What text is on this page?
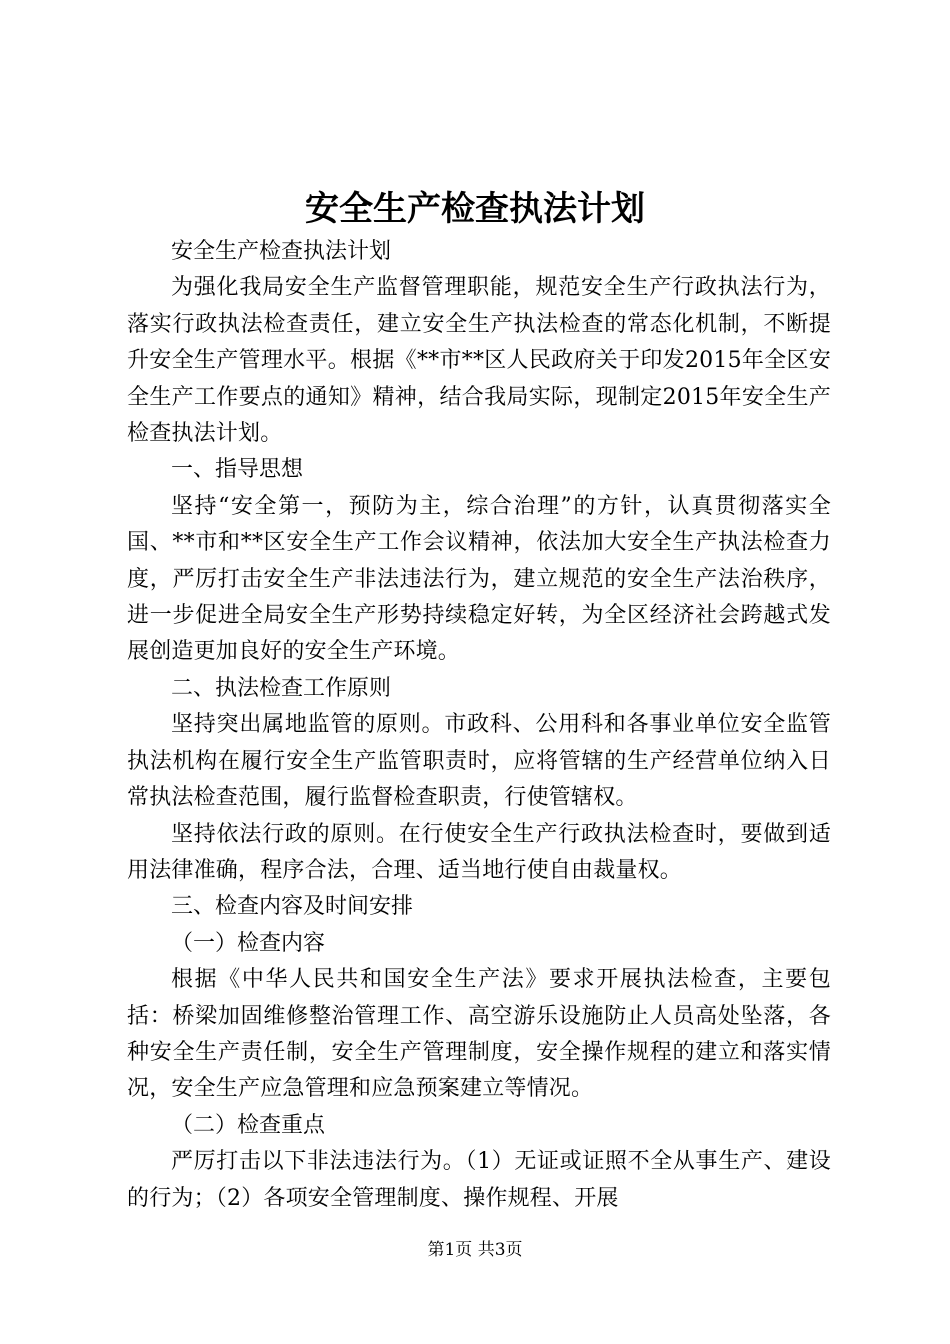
安全生产检查执法计划

安全生产检查执法计划

为强化我局安全生产监督管理职能，规范安全生产行政执法行为，落实行政执法检查责任，建立安全生产执法检查的常态化机制，不断提升安全生产管理水平。根据《**市**区人民政府关于印发2015年全区安全生产工作要点的通知》精神，结合我局实际，现制定2015年安全生产检查执法计划。

一、指导思想

坚持“安全第一，预防为主，综合治理”的方针，认真贯彻落实全国、**市和**区安全生产工作会议精神，依法加大安全生产执法检查力度，严厉打击安全生产非法违法行为，建立规范的安全生产法治秩序，进一步促进全局安全生产形势持续稳定好转，为全区经济社会跨越式发展创造更加良好的安全生产环境。

二、执法检查工作原则

坚持突出属地监管的原则。市政科、公用科和各事业单位安全监管执法机构在履行安全生产监管职责时，应将管辖的生产经营单位纳入日常执法检查范围，履行监督检查职责，行使管辖权。

坚持依法行政的原则。在行使安全生产行政执法检查时，要做到适用法律准确，程序合法，合理、适当地行使自由裁量权。

三、检查内容及时间安排

（一）检查内容

根据《中华人民共和国安全生产法》要求开展执法检查，主要包括：桥梁加固维修整治管理工作、高空游乐设施防止人员高处坠落，各种安全生产责任制，安全生产管理制度，安全操作规程的建立和落实情况，安全生产应急管理和应急预案建立等情况。

（二）检查重点

严厉打击以下非法违法行为。（1）无证或证照不全从事生产、建设的行为；（2）各项安全管理制度、操作规程、开展

第1页 共3页
